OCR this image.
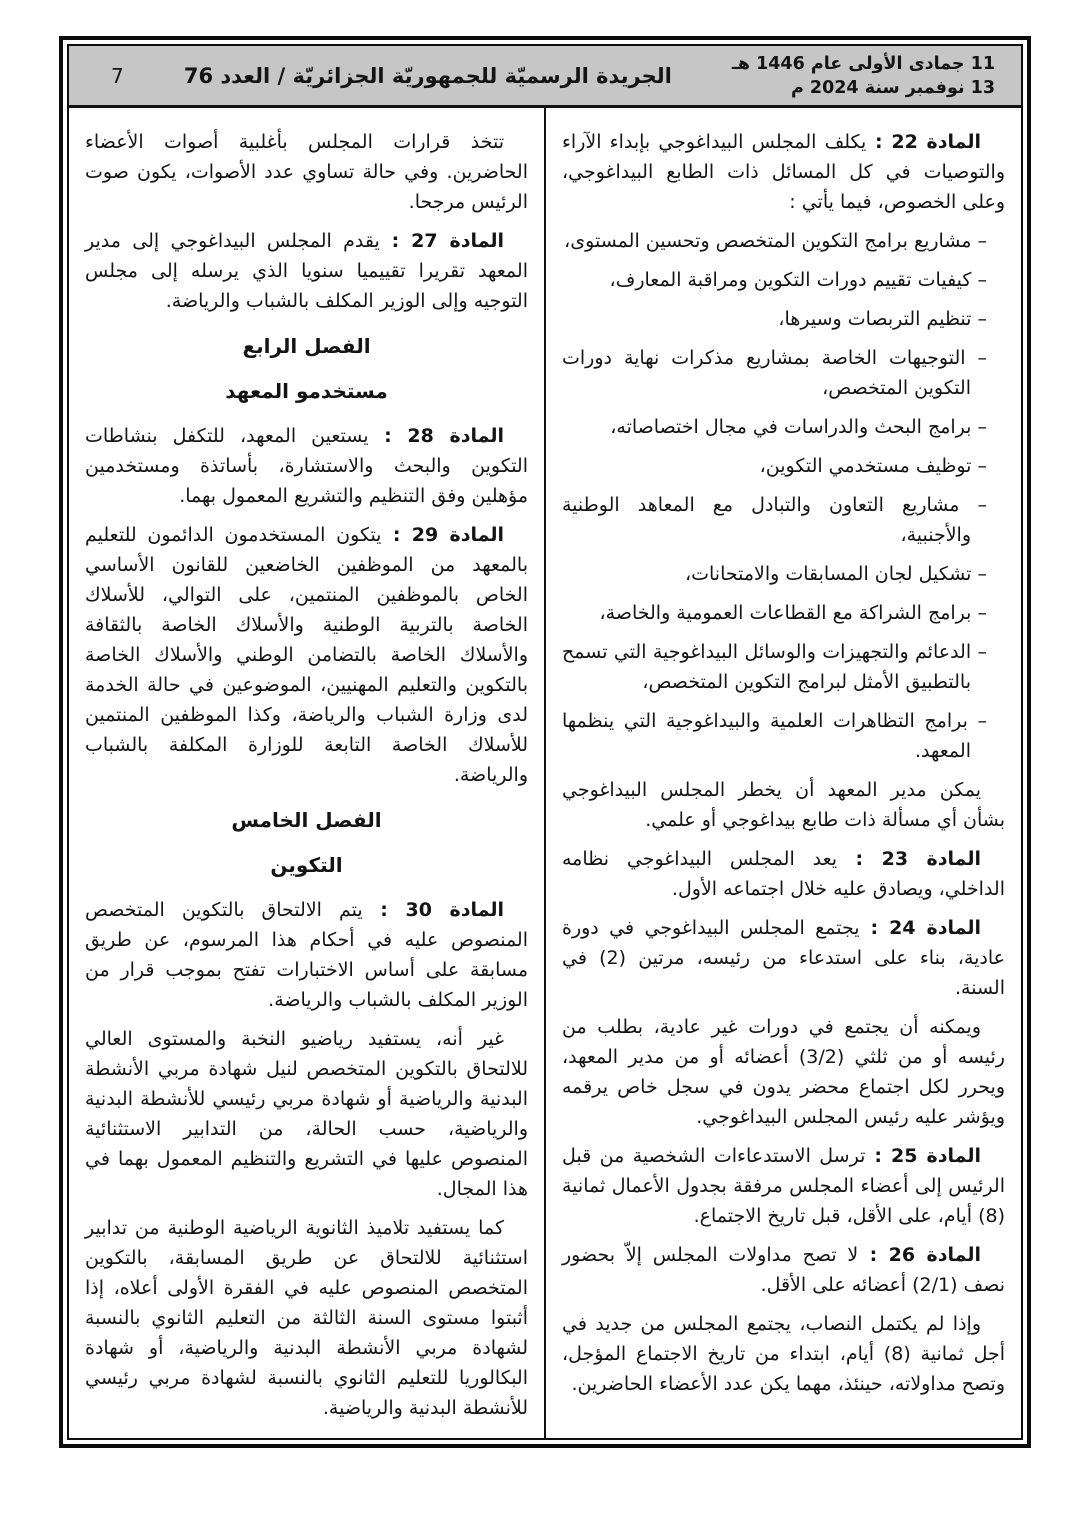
11 جمادى الأولى عام 1446 هـ
13 نوفمبر سنة 2024 م
الجريدة الرسميّة للجمهوريّة الجزائريّة / العدد 76
7
المادة 22 : يكلف المجلس البيداغوجي بإبداء الآراء والتوصيات في كل المسائل ذات الطابع البيداغوجي، وعلى الخصوص، فيما يأتي :
– مشاريع برامج التكوين المتخصص وتحسين المستوى،
– كيفيات تقييم دورات التكوين ومراقبة المعارف،
– تنظيم التربصات وسيرها،
– التوجيهات الخاصة بمشاريع مذكرات نهاية دورات التكوين المتخصص،
– برامج البحث والدراسات في مجال اختصاصاته،
– توظيف مستخدمي التكوين،
– مشاريع التعاون والتبادل مع المعاهد الوطنية والأجنبية،
– تشكيل لجان المسابقات والامتحانات،
– برامج الشراكة مع القطاعات العمومية والخاصة،
– الدعائم والتجهيزات والوسائل البيداغوجية التي تسمح بالتطبيق الأمثل لبرامج التكوين المتخصص،
– برامج التظاهرات العلمية والبيداغوجية التي ينظمها المعهد.
يمكن مدير المعهد أن يخطر المجلس البيداغوجي بشأن أي مسألة ذات طابع بيداغوجي أو علمي.
المادة 23 : يعد المجلس البيداغوجي نظامه الداخلي، ويصادق عليه خلال اجتماعه الأول.
المادة 24 : يجتمع المجلس البيداغوجي في دورة عادية، بناء على استدعاء من رئيسه، مرتين (2) في السنة.
ويمكنه أن يجتمع في دورات غير عادية، بطلب من رئيسه أو من ثلثي (3/2) أعضائه أو من مدير المعهد، ويحرر لكل اجتماع محضر يدون في سجل خاص يرقمه ويؤشر عليه رئيس المجلس البيداغوجي.
المادة 25 : ترسل الاستدعاءات الشخصية من قبل الرئيس إلى أعضاء المجلس مرفقة بجدول الأعمال ثمانية (8) أيام، على الأقل، قبل تاريخ الاجتماع.
المادة 26 : لا تصح مداولات المجلس إلاّ بحضور نصف (2/1) أعضائه على الأقل.
وإذا لم يكتمل النصاب، يجتمع المجلس من جديد في أجل ثمانية (8) أيام، ابتداء من تاريخ الاجتماع المؤجل، وتصح مداولاته، حينئذ، مهما يكن عدد الأعضاء الحاضرين.
تتخذ قرارات المجلس بأغلبية أصوات الأعضاء الحاضرين. وفي حالة تساوي عدد الأصوات، يكون صوت الرئيس مرجحا.
المادة 27 : يقدم المجلس البيداغوجي إلى مدير المعهد تقريرا تقييميا سنويا الذي يرسله إلى مجلس التوجيه وإلى الوزير المكلف بالشباب والرياضة.
الفصل الرابع
مستخدمو المعهد
المادة 28 : يستعين المعهد، للتكفل بنشاطات التكوين والبحث والاستشارة، بأساتذة ومستخدمين مؤهلين وفق التنظيم والتشريع المعمول بهما.
المادة 29 : يتكون المستخدمون الدائمون للتعليم بالمعهد من الموظفين الخاضعين للقانون الأساسي الخاص بالموظفين المنتمين، على التوالي، للأسلاك الخاصة بالتربية الوطنية والأسلاك الخاصة بالثقافة والأسلاك الخاصة بالتضامن الوطني والأسلاك الخاصة بالتكوين والتعليم المهنيين، الموضوعين في حالة الخدمة لدى وزارة الشباب والرياضة، وكذا الموظفين المنتمين للأسلاك الخاصة التابعة للوزارة المكلفة بالشباب والرياضة.
الفصل الخامس
التكوين
المادة 30 : يتم الالتحاق بالتكوين المتخصص المنصوص عليه في أحكام هذا المرسوم، عن طريق مسابقة على أساس الاختبارات تفتح بموجب قرار من الوزير المكلف بالشباب والرياضة.
غير أنه، يستفيد رياضيو النخبة والمستوى العالي للالتحاق بالتكوين المتخصص لنيل شهادة مربي الأنشطة البدنية والرياضية أو شهادة مربي رئيسي للأنشطة البدنية والرياضية، حسب الحالة، من التدابير الاستثنائية المنصوص عليها في التشريع والتنظيم المعمول بهما في هذا المجال.
كما يستفيد تلاميذ الثانوية الرياضية الوطنية من تدابير استثنائية للالتحاق عن طريق المسابقة، بالتكوين المتخصص المنصوص عليه في الفقرة الأولى أعلاه، إذا أثبتوا مستوى السنة الثالثة من التعليم الثانوي بالنسبة لشهادة مربي الأنشطة البدنية والرياضية، أو شهادة البكالوريا للتعليم الثانوي بالنسبة لشهادة مربي رئيسي للأنشطة البدنية والرياضية.
